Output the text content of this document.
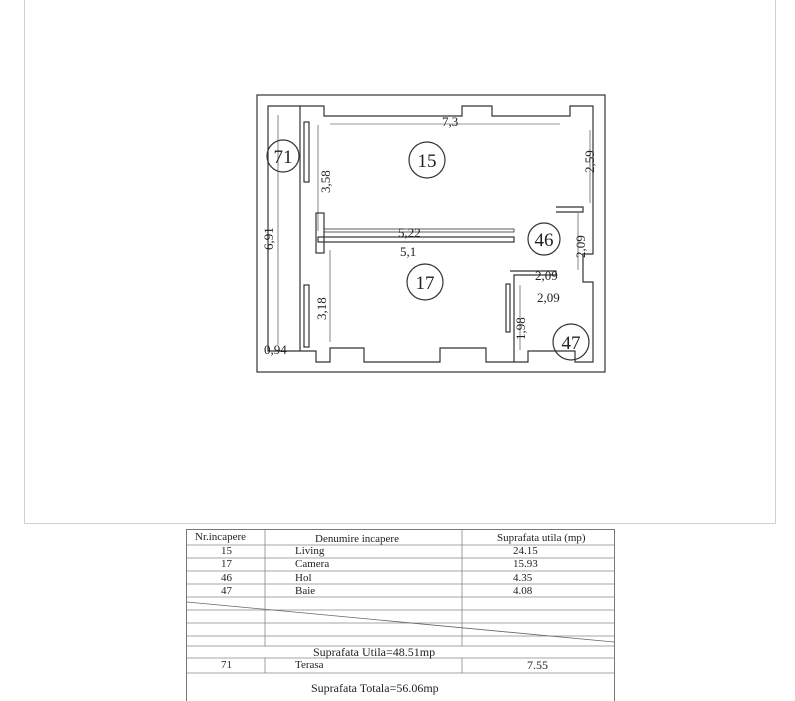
71	15
17
46
47
7,3
5,22
5,1
2,09
2,09
0,94
3,58
2,59
6,91	2,09
3,18
1,98
Nr.incapere	Denumire incapere	Suprafata utila (mp)
15	Living	24.15
17	Camera	15.93
46	Hol	4.35
47	Baie	4.08
Suprafata Utila=48.51mp
71	Terasa	7.55
Suprafata Totala=56.06mp
